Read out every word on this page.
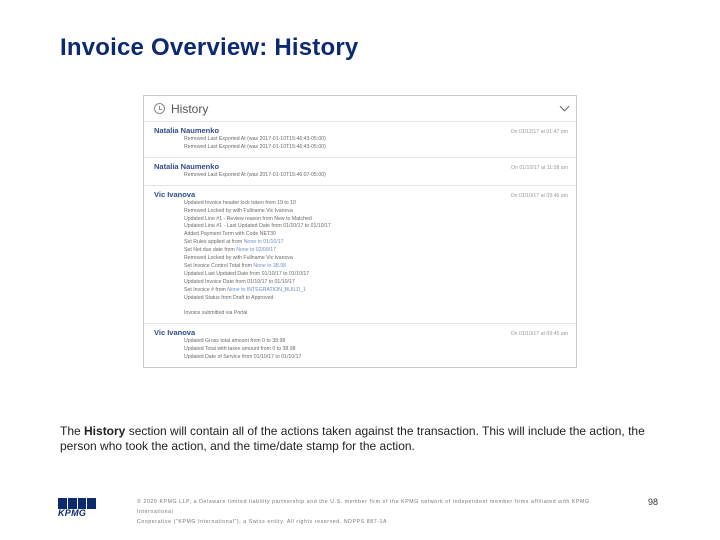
Invoice Overview: History
History
Natalia Naumenko	On 01/12/17 at 01:47 pm
Removed Last Exported At (was 2017-01-10T15:46:43-05:00)
Removed Last Exported At (was 2017-01-10T15:46:43-05:00)
Natalia Naumenko	On 01/10/17 at 11:08 am
Removed Last Exported At (was 2017-01-10T15:46:07-05:00)
Vic Ivanova	On 01/10/17 at 09:46 am
Updated Invoice header lock token from 19 to 10
Removed Locked by with Fullname Vic Ivanova
Updated Line #1 - Review reason from New to Matched
Updated Line #1 - Last Updated Date from 01/10/17 to 01/10/17
Added Payment Term with Code NET30
Set Rules applied at from None to 01/10/17
Set Net due date from None to 02/09/17
Removed Locked by with Fullname Vic Ivanova
Set Invoice Control Total from None to 38.98
Updated Last Updated Date from 01/10/17 to 01/10/17
Updated Invoice Date from 01/10/17 to 01/10/17
Set Invoice # from None to INTEGRATION_BUILD_1
Updated Status from Draft to Approved

Invoice submitted via Portal
Vic Ivanova	On 01/10/17 at 09:45 am
Updated Gross total amount from 0 to 38.98
Updated Total with taxes amount from 0 to 38.98
Updated Date of Service from 01/10/17 to 01/10/17
The History section will contain all of the actions taken against the transaction. This will include the action, the person who took the action, and the time/date stamp for the action.
KPMG
© 2020 KPMG LLP, a Delaware limited liability partnership and the U.S. member firm of the KPMG network of independent member firms affiliated with KPMG International
Cooperative ("KPMG International"), a Swiss entity. All rights reserved. NDPPS 887-1A
98
